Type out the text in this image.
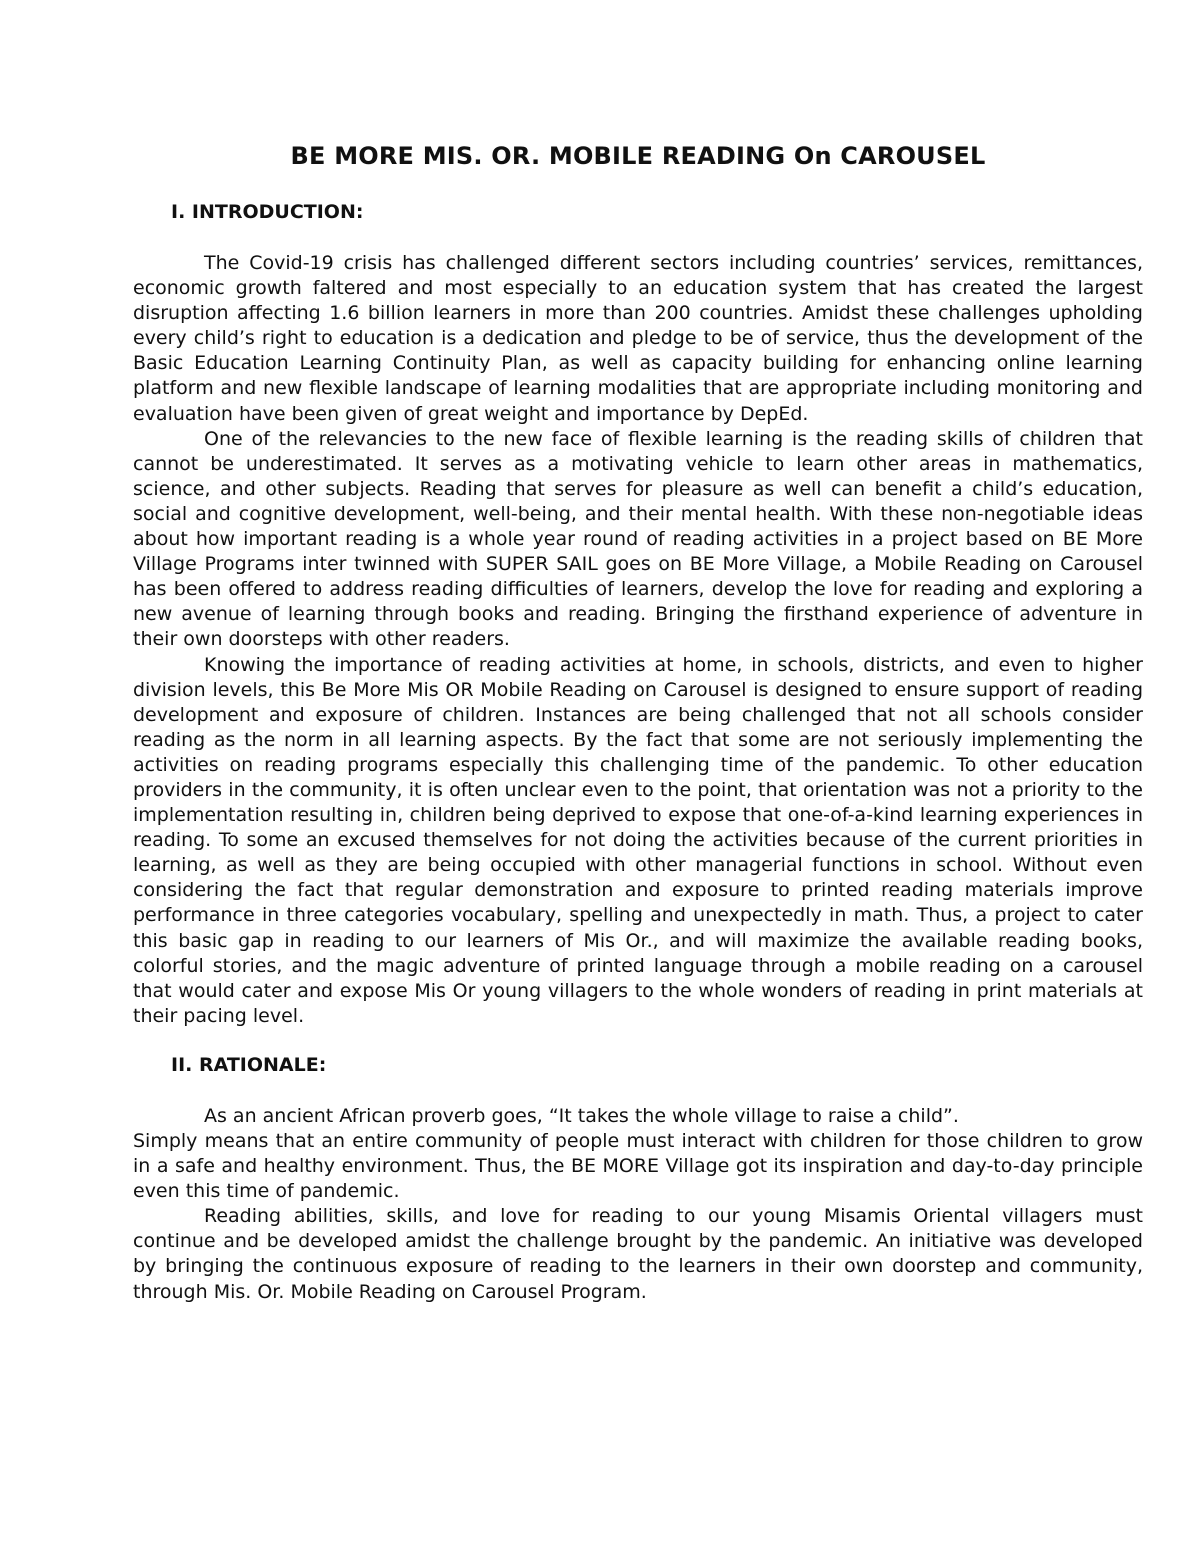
BE MORE MIS. OR. MOBILE READING On CAROUSEL
I. INTRODUCTION:

The Covid-19 crisis has challenged different sectors including countries’ services, remittances, economic growth faltered and most especially to an education system that has created the largest disruption affecting 1.6 billion learners in more than 200 countries. Amidst these challenges upholding every child’s right to education is a dedication and pledge to be of service, thus the development of the Basic Education Learning Continuity Plan, as well as capacity building for enhancing online learning platform and new flexible landscape of learning modalities that are appropriate including monitoring and evaluation have been given of great weight and importance by DepEd.

One of the relevancies to the new face of flexible learning is the reading skills of children that cannot be underestimated. It serves as a motivating vehicle to learn other areas in mathematics, science, and other subjects. Reading that serves for pleasure as well can benefit a child’s education, social and cognitive development, well-being, and their mental health. With these non-negotiable ideas about how important reading is a whole year round of reading activities in a project based on BE More Village Programs inter twinned with SUPER SAIL goes on BE More Village, a Mobile Reading on Carousel has been offered to address reading difficulties of learners, develop the love for reading and exploring a new avenue of learning through books and reading. Bringing the firsthand experience of adventure in their own doorsteps with other readers.

Knowing the importance of reading activities at home, in schools, districts, and even to higher division levels, this Be More Mis OR Mobile Reading on Carousel is designed to ensure support of reading development and exposure of children. Instances are being challenged that not all schools consider reading as the norm in all learning aspects. By the fact that some are not seriously implementing the activities on reading programs especially this challenging time of the pandemic. To other education providers in the community, it is often unclear even to the point, that orientation was not a priority to the implementation resulting in, children being deprived to expose that one-of-a-kind learning experiences in reading. To some an excused themselves for not doing the activities because of the current priorities in learning, as well as they are being occupied with other managerial functions in school. Without even considering the fact that regular demonstration and exposure to printed reading materials improve performance in three categories vocabulary, spelling and unexpectedly in math. Thus, a project to cater this basic gap in reading to our learners of Mis Or., and will maximize the available reading books, colorful stories, and the magic adventure of printed language through a mobile reading on a carousel that would cater and expose Mis Or young villagers to the whole wonders of reading in print materials at their pacing level.

II. RATIONALE:

As an ancient African proverb goes, “It takes the whole village to raise a child”.

Simply means that an entire community of people must interact with children for those children to grow in a safe and healthy environment. Thus, the BE MORE Village got its inspiration and day-to-day principle even this time of pandemic.

Reading abilities, skills, and love for reading to our young Misamis Oriental villagers must continue and be developed amidst the challenge brought by the pandemic. An initiative was developed by bringing the continuous exposure of reading to the learners in their own doorstep and community, through Mis. Or. Mobile Reading on Carousel Program.
